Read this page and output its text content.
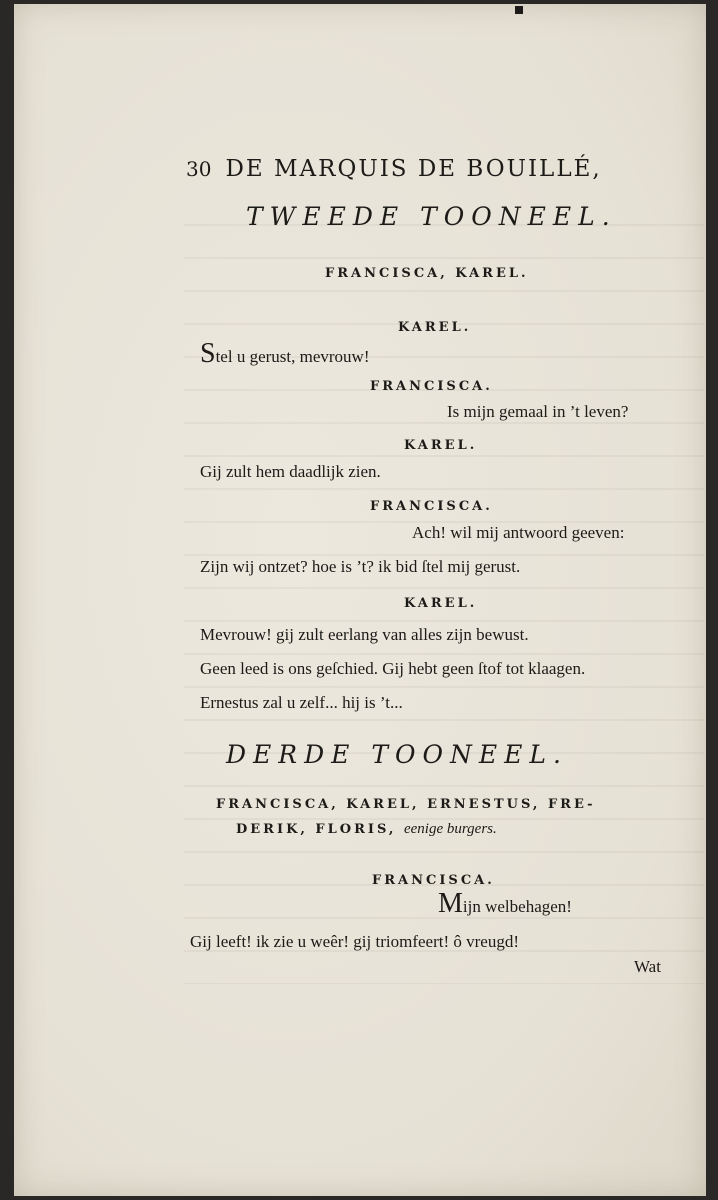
30 DE MARQUIS DE BOUILLÉ,
TWEEDE TOONEEL.
FRANCISCA, KAREL.
KAREL.
Stel u gerust, mevrouw!
FRANCISCA.
Is mijn gemaal in ’t leven?
KAREL.
Gij zult hem daadlijk zien.
FRANCISCA.
Ach! wil mij antwoord geeven:
Zijn wij ontzet? hoe is ’t? ik bid ſtel mij gerust.
KAREL.
Mevrouw! gij zult eerlang van alles zijn bewust.
Geen leed is ons geſchied. Gij hebt geen ſtof tot klaagen.
Ernestus zal u zelf... hij is ’t...
DERDE TOONEEL.
FRANCISCA, KAREL, ERNESTUS, FRE-
DERIK, FLORIS, eenige burgers.
FRANCISCA.
Mijn welbehagen!
Gij leeft! ik zie u weêr! gij triomfeert! ô vreugd!
Wat
